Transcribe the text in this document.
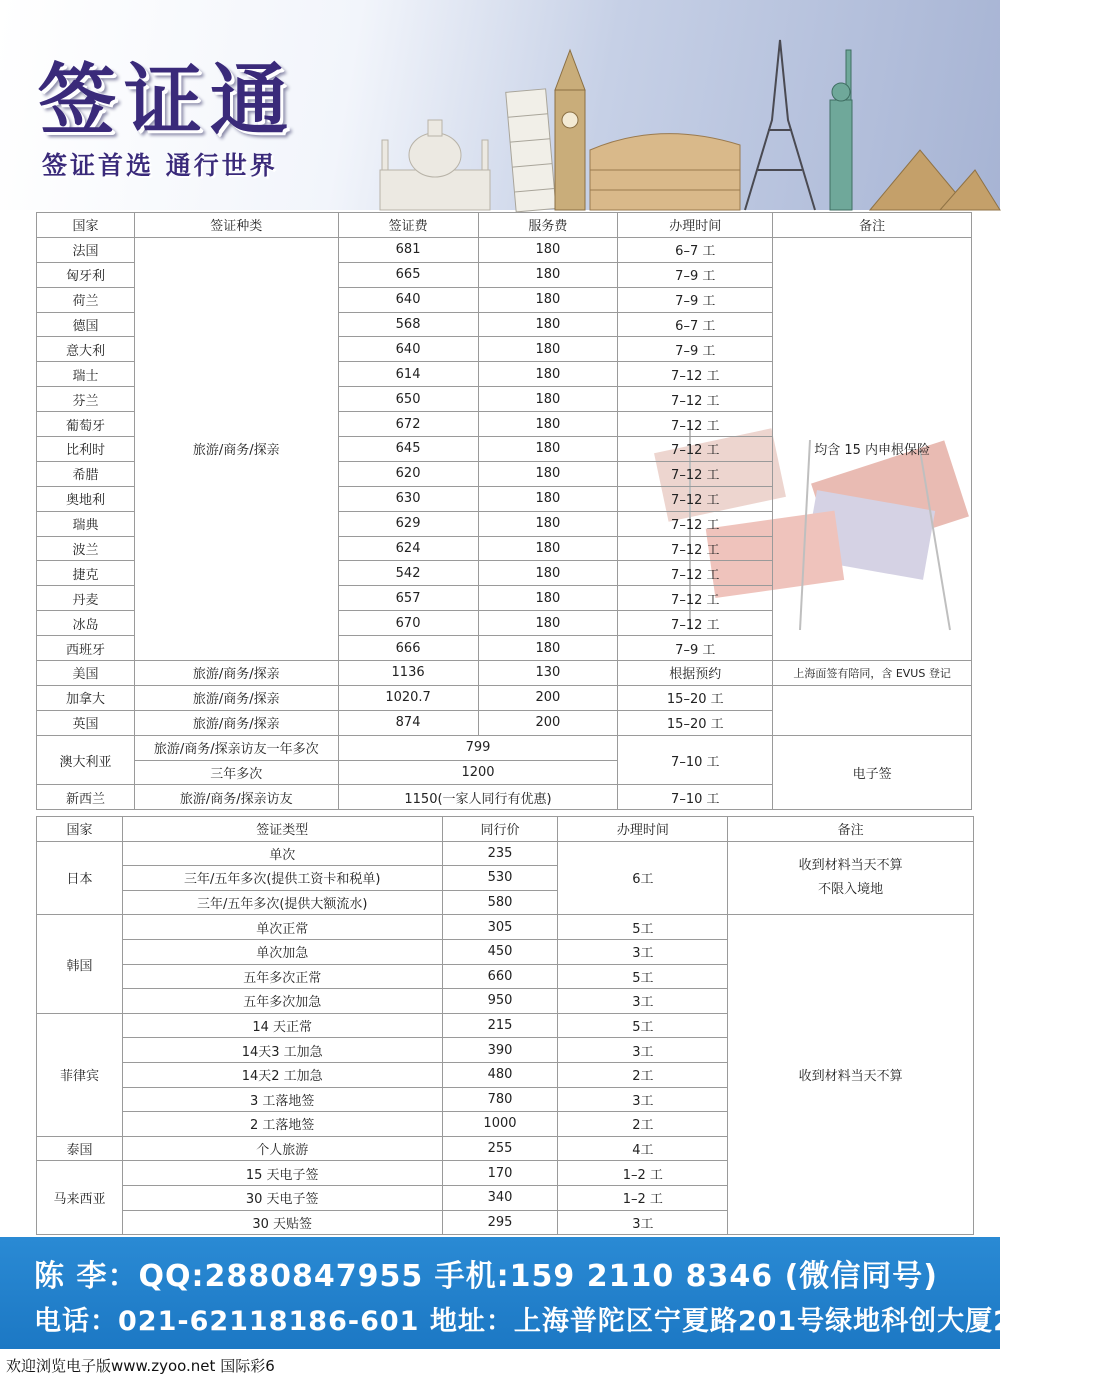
签证通
签证首选 通行世界
国家	签证种类	签证费	服务费	办理时间	备注
法国	旅游/商务/探亲	681	180	6–7 工	均含 15 内申根保险
匈牙利		665	180	7–9 工	
荷兰		640	180	7–9 工	
德国		568	180	6–7 工	
意大利		640	180	7–9 工	
瑞士		614	180	7–12 工	
芬兰		650	180	7–12 工	
葡萄牙		672	180	7–12 工	
比利时		645	180	7–12 工	
希腊		620	180	7–12 工	
奥地利		630	180	7–12 工	
瑞典		629	180	7–12 工	
波兰		624	180	7–12 工	
捷克		542	180	7–12 工	
丹麦		657	180	7–12 工	
冰岛		670	180	7–12 工	
西班牙		666	180	7–9 工	
美国	旅游/商务/探亲	1136	130	根据预约	上海面签有陪同，含 EVUS 登记
加拿大	旅游/商务/探亲	1020.7	200	15–20 工	
英国	旅游/商务/探亲	874	200	15–20 工	
澳大利亚	旅游/商务/探亲访友一年多次	799		7–10 工	电子签
	三年多次	1200			
新西兰	旅游/商务/探亲访友	1150(一家人同行有优惠)		7–10 工	
国家	签证类型	同行价	办理时间	备注
日本	单次	235	6工	收到材料当天不算
不限入境地

	三年/五年多次(提供工资卡和税单)	530		
	三年/五年多次(提供大额流水)	580		
韩国	单次正常	305	5工	收到材料当天不算
	单次加急	450	3工	
	五年多次正常	660	5工	
	五年多次加急	950	3工	
菲律宾	14 天正常	215	5工	
	14天3 工加急	390	3工	
	14天2 工加急	480	2工	
	3 工落地签	780	3工	
	2 工落地签	1000	2工	
泰国	个人旅游	255	4工	
马来西亚	15 天电子签	170	1–2 工	
	30 天电子签	340	1–2 工	
	30 天贴签	295	3工	
陈 李：QQ:2880847955 手机:159 2110 8346 (微信同号)
电话：021-62118186-601 地址：上海普陀区宁夏路201号绿地科创大厦22楼H座
欢迎浏览电子版www.zyoo.net 国际彩6
